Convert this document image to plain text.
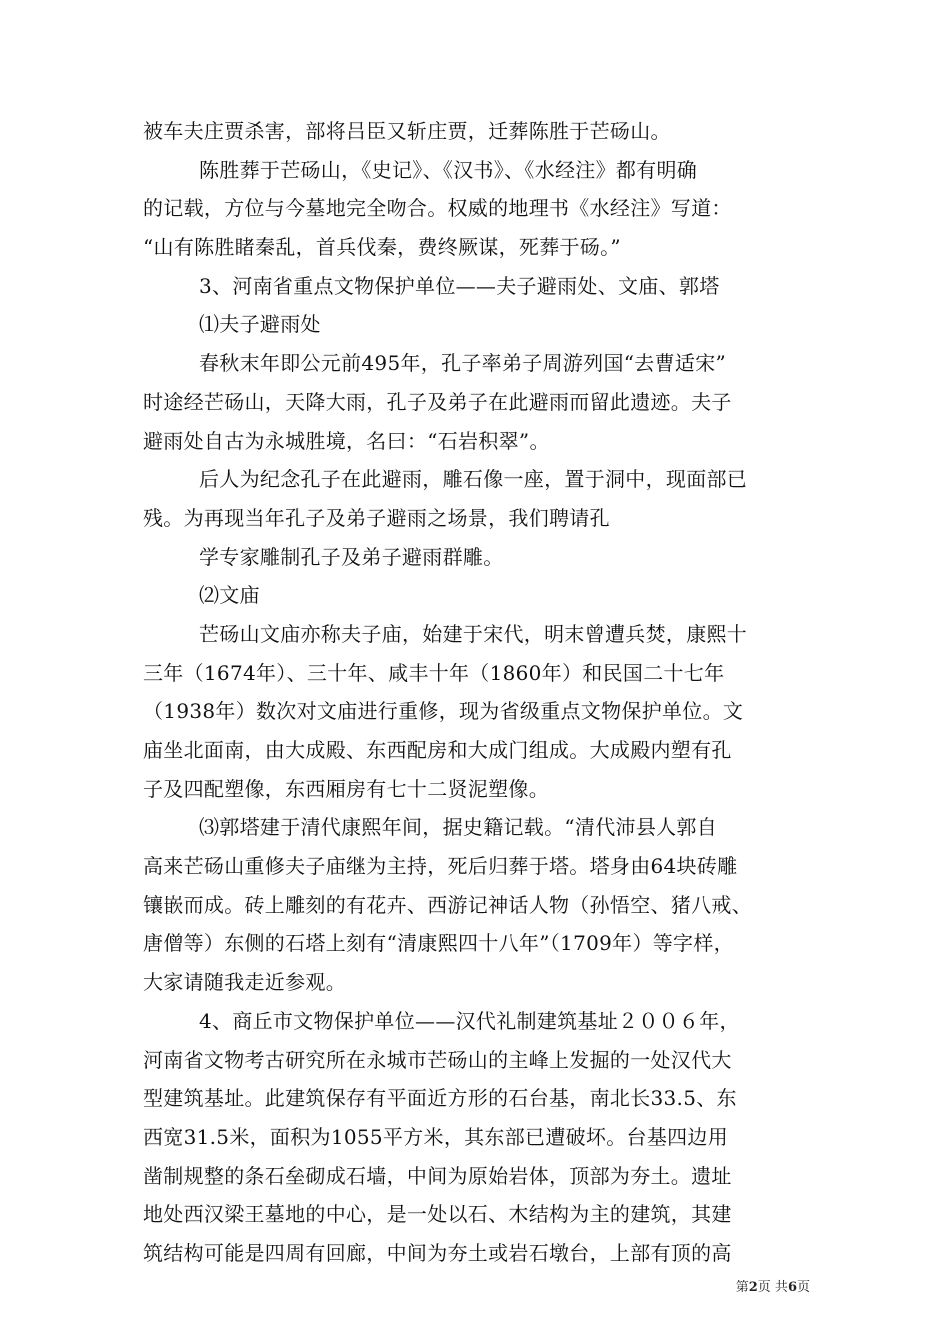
被车夫庄贾杀害，部将吕臣又斩庄贾，迁葬陈胜于芒砀山。
陈胜葬于芒砀山，《史记》、《汉书》、《水经注》都有明确
的记载，方位与今墓地完全吻合。权威的地理书《水经注》写道：
“山有陈胜睹秦乱，首兵伐秦，费终厥谋，死葬于砀。”
3、河南省重点文物保护单位——夫子避雨处、文庙、郭塔
⑴夫子避雨处
春秋末年即公元前495年，孔子率弟子周游列国“去曹适宋”
时途经芒砀山，天降大雨，孔子及弟子在此避雨而留此遗迹。夫子
避雨处自古为永城胜境，名曰：“石岩积翠”。
后人为纪念孔子在此避雨，雕石像一座，置于洞中，现面部已
残。为再现当年孔子及弟子避雨之场景，我们聘请孔
学专家雕制孔子及弟子避雨群雕。
⑵文庙
芒砀山文庙亦称夫子庙，始建于宋代，明末曾遭兵焚，康熙十
三年（1674年）、三十年、咸丰十年（1860年）和民国二十七年
（1938年）数次对文庙进行重修，现为省级重点文物保护单位。文
庙坐北面南，由大成殿、东西配房和大成门组成。大成殿内塑有孔
子及四配塑像，东西厢房有七十二贤泥塑像。
⑶郭塔建于清代康熙年间，据史籍记载。“清代沛县人郭自
高来芒砀山重修夫子庙继为主持，死后归葬于塔。塔身由64块砖雕
镶嵌而成。砖上雕刻的有花卉、西游记神话人物（孙悟空、猪八戒、
唐僧等）东侧的石塔上刻有“清康熙四十八年”（1709年）等字样，
大家请随我走近参观。
4、商丘市文物保护单位——汉代礼制建筑基址２００６年，
河南省文物考古研究所在永城市芒砀山的主峰上发掘的一处汉代大
型建筑基址。此建筑保存有平面近方形的石台基，南北长33.5、东
西宽31.5米，面积为1055平方米，其东部已遭破坏。台基四边用
凿制规整的条石垒砌成石墙，中间为原始岩体，顶部为夯土。遗址
地处西汉梁王墓地的中心，是一处以石、木结构为主的建筑，其建
筑结构可能是四周有回廊，中间为夯土或岩石墩台，上部有顶的高
第2页 共6页
